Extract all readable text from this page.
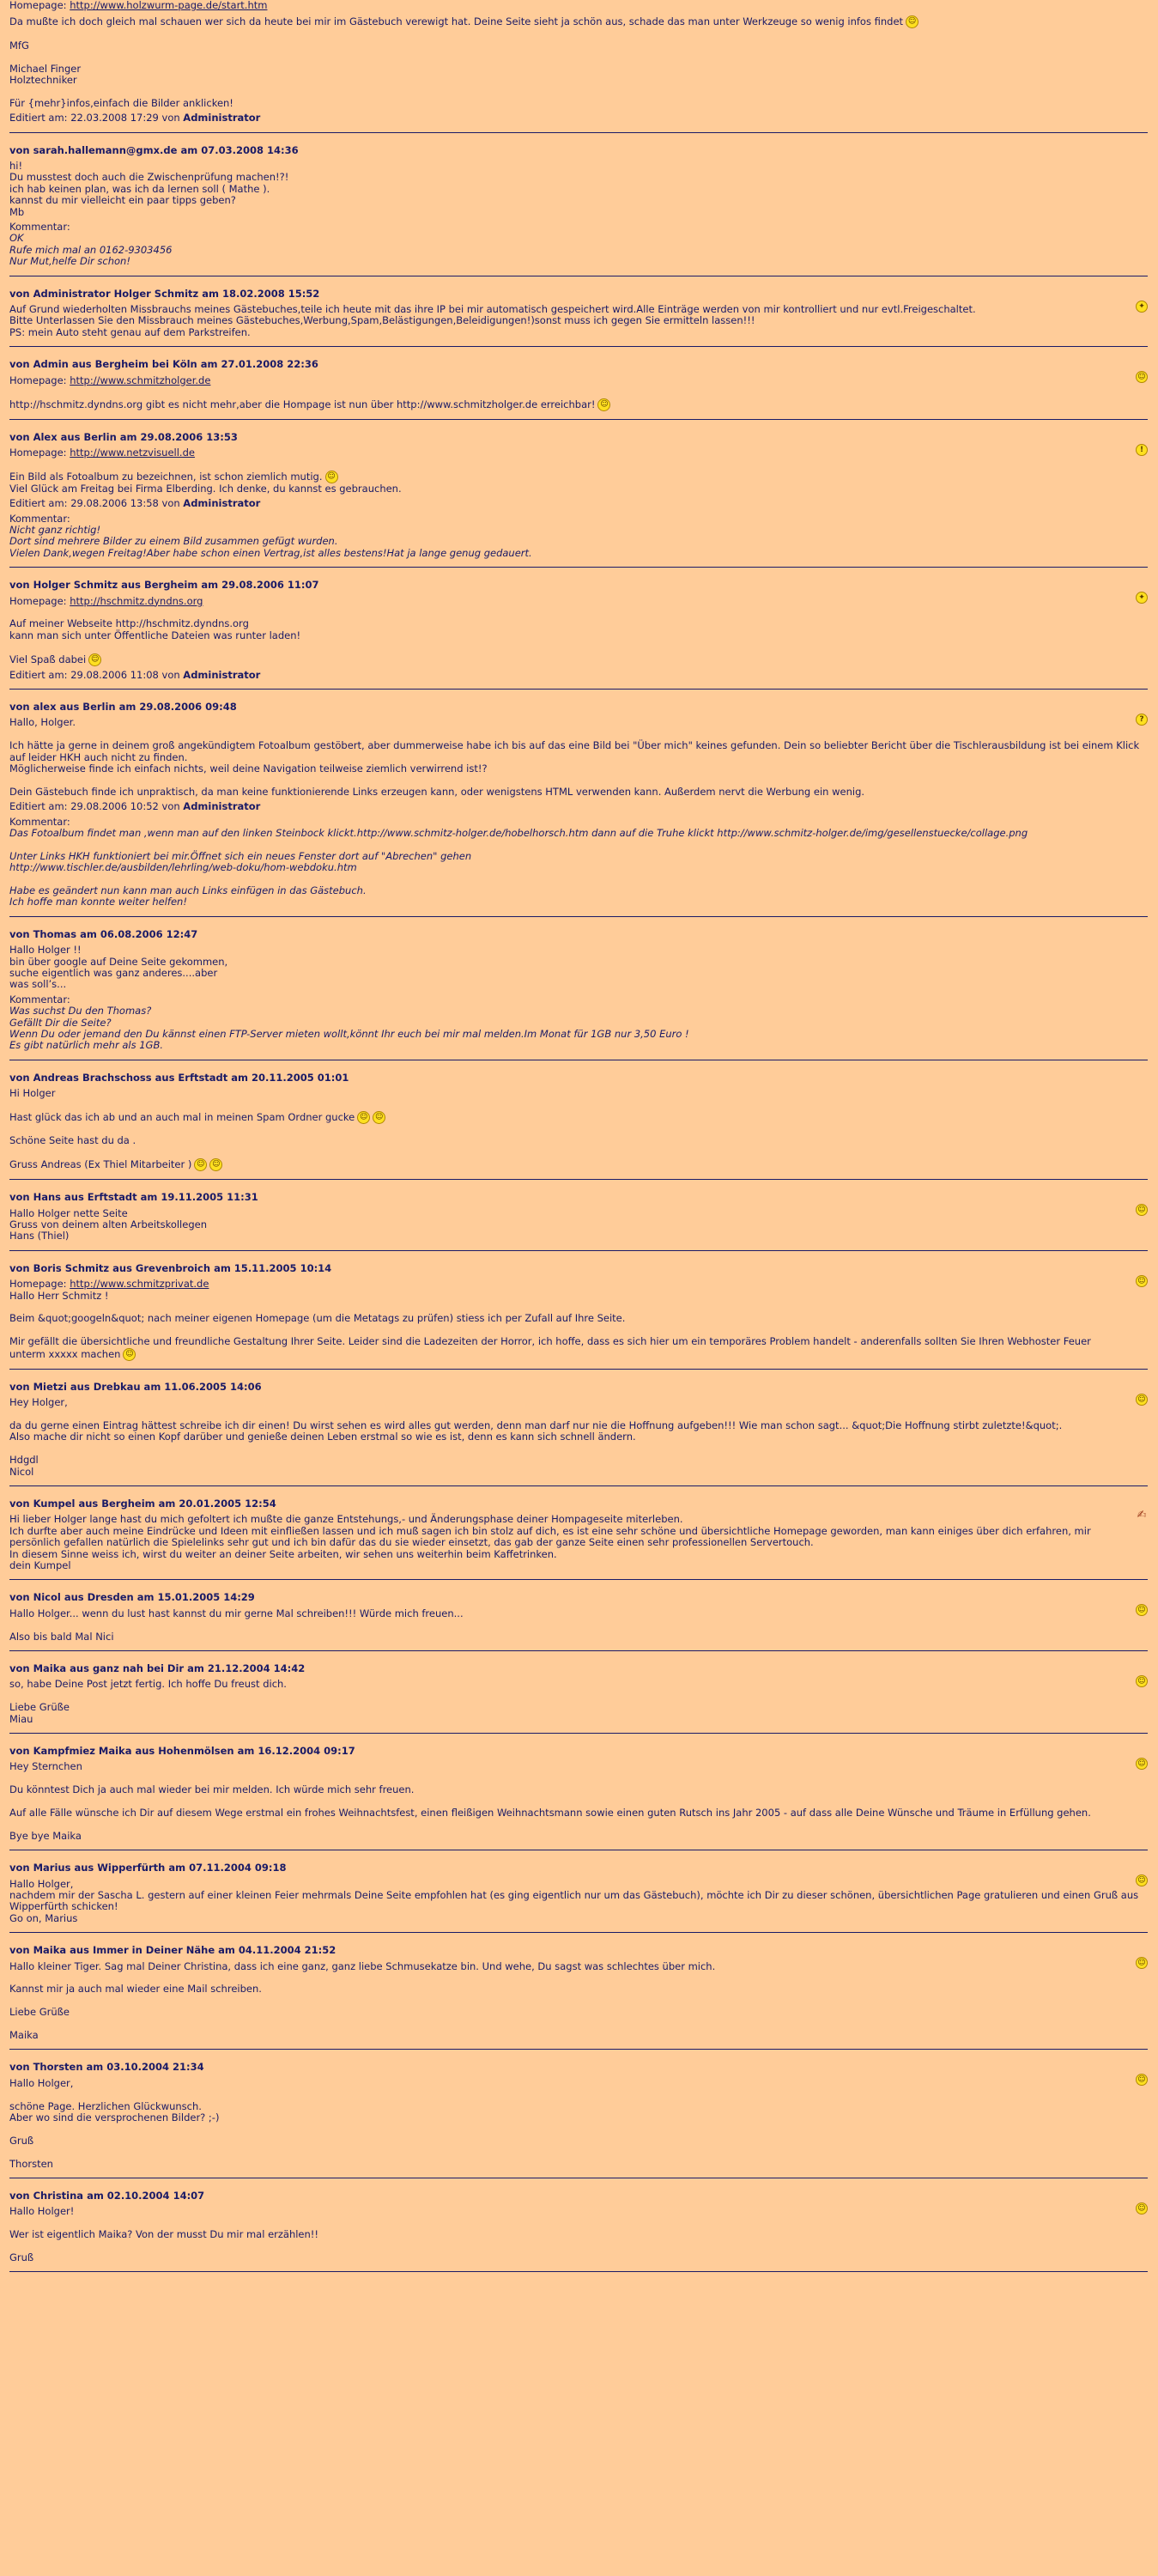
Homepage: http://www.holzwurm-page.de/start.htm
Da mußte ich doch gleich mal schauen wer sich da heute bei mir im Gästebuch verewigt hat. Deine Seite sieht ja schön aus, schade das man unter Werkzeuge so wenig infos findet ☺
MfG
Michael Finger
Holztechniker
Für {mehr}infos,einfach die Bilder anklicken!
Editiert am: 22.03.2008 17:29 von Administrator
von sarah.hallemann@gmx.de am 07.03.2008 14:36
hi!
Du musstest doch auch die Zwischenprüfung machen!?!
ich hab keinen plan, was ich da lernen soll ( Mathe ).
kannst du mir vielleicht ein paar tipps geben?
Mb
Kommentar:
OK
Rufe mich mal an 0162-9303456
Nur Mut,helfe Dir schon!
von Administrator Holger Schmitz am 18.02.2008 15:52
✦
Auf Grund wiederholten Missbrauchs meines Gästebuches,teile ich heute mit das ihre IP bei mir automatisch gespeichert wird.Alle Einträge werden von mir kontrolliert und nur evtl.Freigeschaltet.
Bitte Unterlassen Sie den Missbrauch meines Gästebuches,Werbung,Spam,Belästigungen,Beleidigungen!)sonst muss ich gegen Sie ermitteln lassen!!!
PS: mein Auto steht genau auf dem Parkstreifen.
von Admin aus Bergheim bei Köln am 27.01.2008 22:36
☺
Homepage: http://www.schmitzholger.de
http://hschmitz.dyndns.org gibt es nicht mehr,aber die Hompage ist nun über http://www.schmitzholger.de erreichbar! ☺
von Alex aus Berlin am 29.08.2006 13:53
!
Homepage: http://www.netzvisuell.de
Ein Bild als Fotoalbum zu bezeichnen, ist schon ziemlich mutig. ☺
Viel Glück am Freitag bei Firma Elberding. Ich denke, du kannst es gebrauchen.
Editiert am: 29.08.2006 13:58 von Administrator
Kommentar:
Nicht ganz richtig!
Dort sind mehrere Bilder zu einem Bild zusammen gefügt wurden.
Vielen Dank,wegen Freitag!Aber habe schon einen Vertrag,ist alles bestens!Hat ja lange genug gedauert.
von Holger Schmitz aus Bergheim am 29.08.2006 11:07
✦
Homepage: http://hschmitz.dyndns.org
Auf meiner Webseite http://hschmitz.dyndns.org
kann man sich unter Öffentliche Dateien was runter laden!
Viel Spaß dabei ☺
Editiert am: 29.08.2006 11:08 von Administrator
von alex aus Berlin am 29.08.2006 09:48
?
Hallo, Holger.
Ich hätte ja gerne in deinem groß angekündigtem Fotoalbum gestöbert, aber dummerweise habe ich bis auf das eine Bild bei "Über mich" keines gefunden. Dein so beliebter Bericht über die Tischlerausbildung ist bei einem Klick auf leider HKH auch nicht zu finden.
Möglicherweise finde ich einfach nichts, weil deine Navigation teilweise ziemlich verwirrend ist!?
Dein Gästebuch finde ich unpraktisch, da man keine funktionierende Links erzeugen kann, oder wenigstens HTML verwenden kann. Außerdem nervt die Werbung ein wenig.
Editiert am: 29.08.2006 10:52 von Administrator
Kommentar:
Das Fotoalbum findet man ,wenn man auf den linken Steinbock klickt.http://www.schmitz-holger.de/hobelhorsch.htm dann auf die Truhe klickt http://www.schmitz-holger.de/img/gesellenstuecke/collage.png
Unter Links HKH funktioniert bei mir.Öffnet sich ein neues Fenster dort auf "Abrechen" gehen
http://www.tischler.de/ausbilden/lehrling/web-doku/hom-webdoku.htm
Habe es geändert nun kann man auch Links einfügen in das Gästebuch.
Ich hoffe man konnte weiter helfen!
von Thomas am 06.08.2006 12:47
Hallo Holger !!
bin über google auf Deine Seite gekommen,
suche eigentlich was ganz anderes....aber
was soll’s...
Kommentar:
Was suchst Du den Thomas?
Gefällt Dir die Seite?
Wenn Du oder jemand den Du kännst einen FTP-Server mieten wollt,könnt Ihr euch bei mir mal melden.Im Monat für 1GB nur 3,50 Euro !
Es gibt natürlich mehr als 1GB.
von Andreas Brachschoss aus Erftstadt am 20.11.2005 01:01
Hi Holger
Hast glück das ich ab und an auch mal in meinen Spam Ordner gucke ☺ ☺
Schöne Seite hast du da .
Gruss Andreas (Ex Thiel Mitarbeiter ) ☺ ☺
von Hans aus Erftstadt am 19.11.2005 11:31
☺
Hallo Holger nette Seite
Gruss von deinem alten Arbeitskollegen
Hans (Thiel)
von Boris Schmitz aus Grevenbroich am 15.11.2005 10:14
☺
Homepage: http://www.schmitzprivat.de
Hallo Herr Schmitz !
Beim &quot;googeln&quot; nach meiner eigenen Homepage (um die Metatags zu prüfen) stiess ich per Zufall auf Ihre Seite.
Mir gefällt die übersichtliche und freundliche Gestaltung Ihrer Seite. Leider sind die Ladezeiten der Horror, ich hoffe, dass es sich hier um ein temporäres Problem handelt - anderenfalls sollten Sie Ihren Webhoster Feuer
unterm xxxxx machen ☺
von Mietzi aus Drebkau am 11.06.2005 14:06
☺
Hey Holger,
da du gerne einen Eintrag hättest schreibe ich dir einen! Du wirst sehen es wird alles gut werden, denn man darf nur nie die Hoffnung aufgeben!!! Wie man schon sagt... &quot;Die Hoffnung stirbt zuletzte!&quot;.
Also mache dir nicht so einen Kopf darüber und genieße deinen Leben erstmal so wie es ist, denn es kann sich schnell ändern.
Hdgdl
Nicol
von Kumpel aus Bergheim am 20.01.2005 12:54
✍
Hi lieber Holger lange hast du mich gefoltert ich mußte die ganze Entstehungs,- und Änderungsphase deiner Hompageseite miterleben.
Ich durfte aber auch meine Eindrücke und Ideen mit einfließen lassen und ich muß sagen ich bin stolz auf dich, es ist eine sehr schöne und übersichtliche Homepage geworden, man kann einiges über dich erfahren, mir
persönlich gefallen natürlich die Spielelinks sehr gut und ich bin dafür das du sie wieder einsetzt, das gab der ganze Seite einen sehr professionellen Servertouch.
In diesem Sinne weiss ich, wirst du weiter an deiner Seite arbeiten, wir sehen uns weiterhin beim Kaffetrinken.
dein Kumpel
von Nicol aus Dresden am 15.01.2005 14:29
☺
Hallo Holger... wenn du lust hast kannst du mir gerne Mal schreiben!!! Würde mich freuen...
Also bis bald Mal Nici
von Maika aus ganz nah bei Dir am 21.12.2004 14:42
☺
so, habe Deine Post jetzt fertig. Ich hoffe Du freust dich.
Liebe Grüße
Miau
von Kampfmiez Maika aus Hohenmölsen am 16.12.2004 09:17
☺
Hey Sternchen
Du könntest Dich ja auch mal wieder bei mir melden. Ich würde mich sehr freuen.
Auf alle Fälle wünsche ich Dir auf diesem Wege erstmal ein frohes Weihnachtsfest, einen fleißigen Weihnachtsmann sowie einen guten Rutsch ins Jahr 2005 - auf dass alle Deine Wünsche und Träume in Erfüllung gehen.
Bye bye Maika
von Marius aus Wipperfürth am 07.11.2004 09:18
☺
Hallo Holger,
nachdem mir der Sascha L. gestern auf einer kleinen Feier mehrmals Deine Seite empfohlen hat (es ging eigentlich nur um das Gästebuch), möchte ich Dir zu dieser schönen, übersichtlichen Page gratulieren und einen Gruß aus
Wipperfürth schicken!
Go on, Marius
von Maika aus Immer in Deiner Nähe am 04.11.2004 21:52
☺
Hallo kleiner Tiger. Sag mal Deiner Christina, dass ich eine ganz, ganz liebe Schmusekatze bin. Und wehe, Du sagst was schlechtes über mich.
Kannst mir ja auch mal wieder eine Mail schreiben.
Liebe Grüße
Maika
von Thorsten am 03.10.2004 21:34
☺
Hallo Holger,
schöne Page. Herzlichen Glückwunsch.
Aber wo sind die versprochenen Bilder? ;-)
Gruß
Thorsten
von Christina am 02.10.2004 14:07
☺
Hallo Holger!
Wer ist eigentlich Maika? Von der musst Du mir mal erzählen!!
Gruß
